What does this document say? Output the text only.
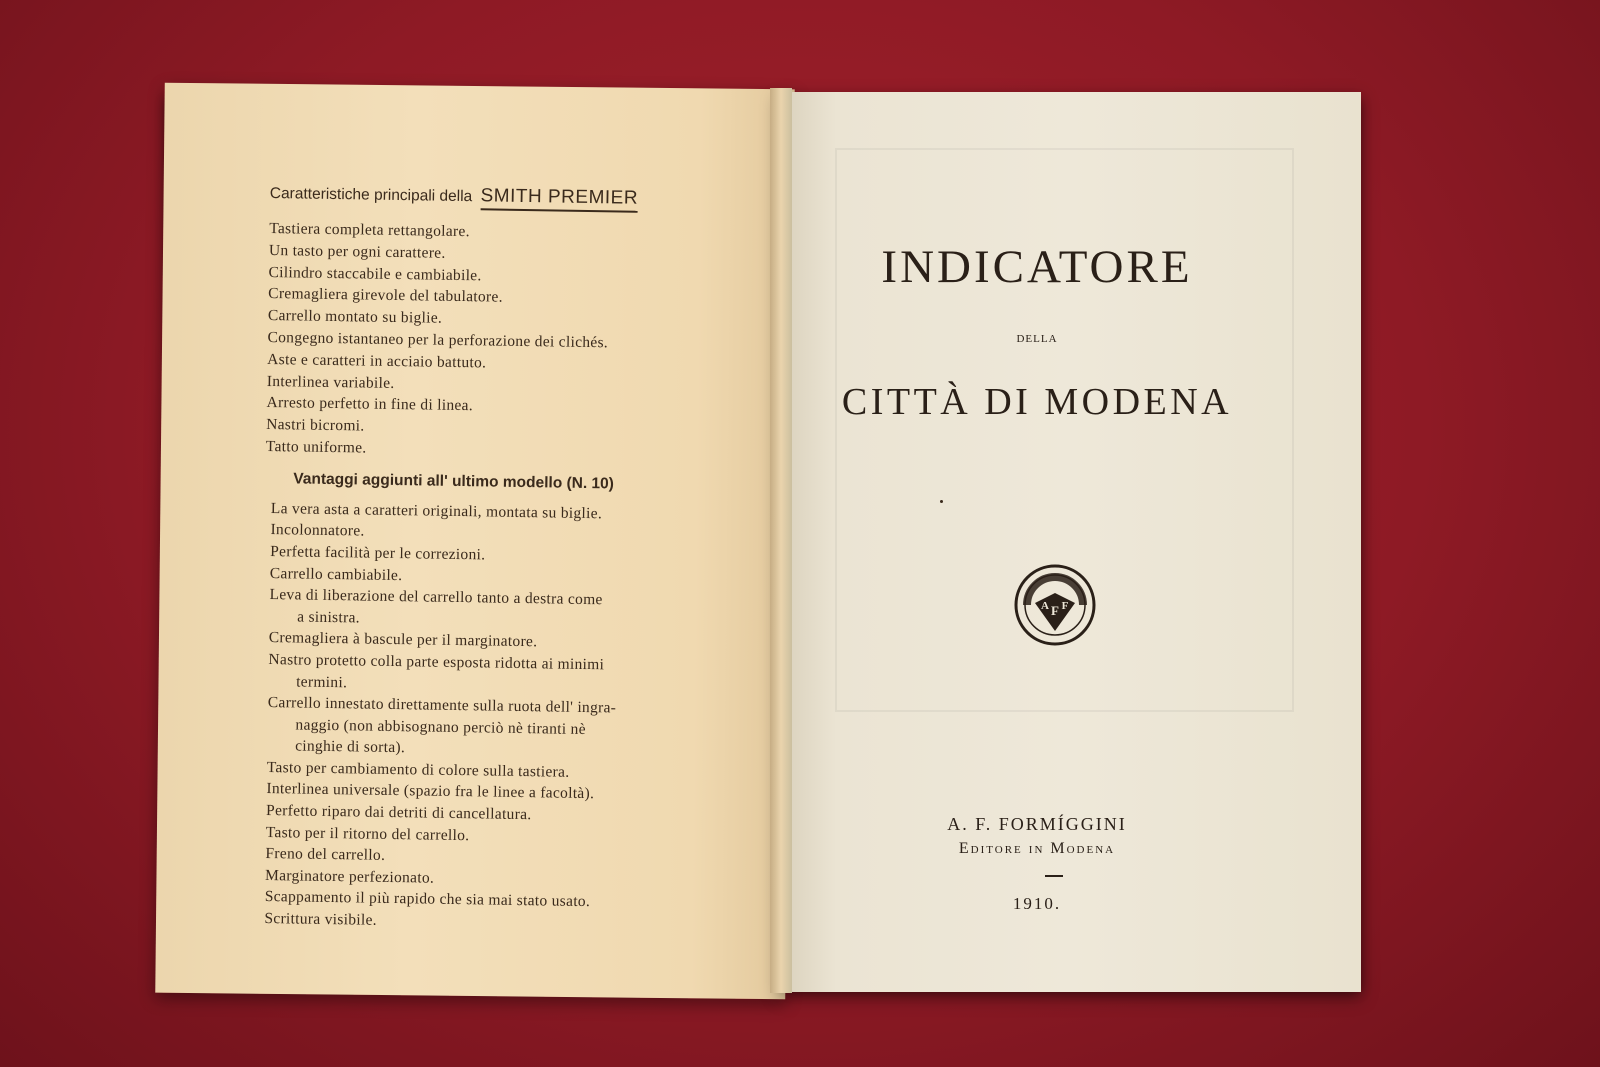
Caratteristiche principali della SMITH PREMIER
Tastiera completa rettangolare.
Un tasto per ogni carattere.
Cilindro staccabile e cambiabile.
Cremagliera girevole del tabulatore.
Carrello montato su biglie.
Congegno istantaneo per la perforazione dei clichés.
Aste e caratteri in acciaio battuto.
Interlinea variabile.
Arresto perfetto in fine di linea.
Nastri bicromi.
Tatto uniforme.
Vantaggi aggiunti all' ultimo modello (N. 10)
La vera asta a caratteri originali, montata su biglie.
Incolonnatore.
Perfetta facilità per le correzioni.
Carrello cambiabile.
Leva di liberazione del carrello tanto a destra come
a sinistra.
Cremagliera à bascule per il marginatore.
Nastro protetto colla parte esposta ridotta ai minimi
termini.
Carrello innestato direttamente sulla ruota dell' ingra-
naggio (non abbisognano perciò nè tiranti nè
cinghie di sorta).
Tasto per cambiamento di colore sulla tastiera.
Interlinea universale (spazio fra le linee a facoltà).
Perfetto riparo dai detriti di cancellatura.
Tasto per il ritorno del carrello.
Freno del carrello.
Marginatore perfezionato.
Scappamento il più rapido che sia mai stato usato.
Scrittura visibile.
INDICATORE
DELLA
CITTÀ DI MODENA
F
A F
A. F. FORMÍGGINI
Editore in Modena
1910.
